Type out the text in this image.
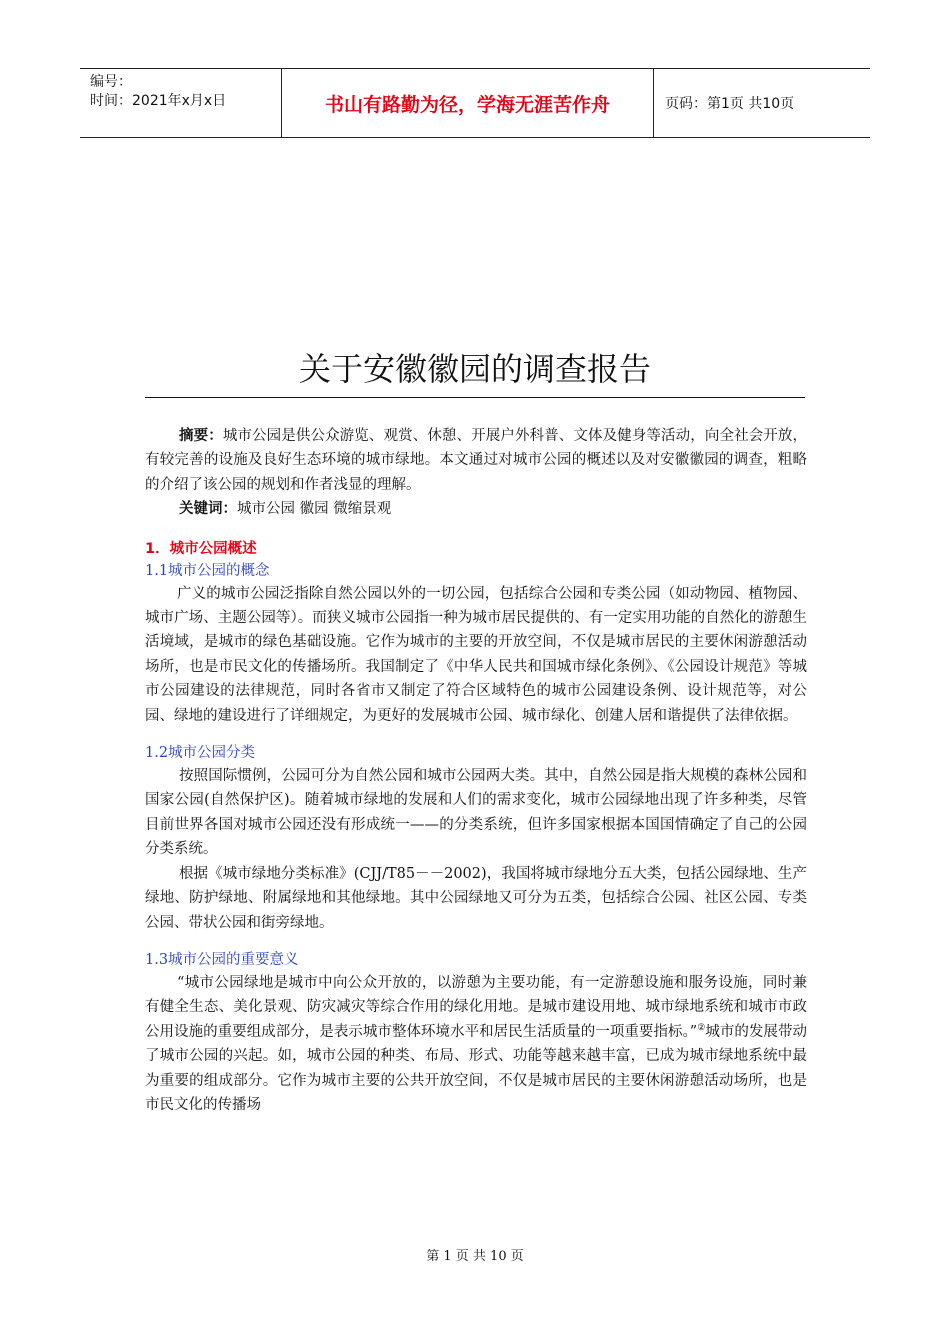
编号：
时间：2021年x月x日	书山有路勤为径，学海无涯苦作舟	页码：第1页 共10页
关于安徽徽园的调查报告

摘要：城市公园是供公众游览、观赏、休憩、开展户外科普、文体及健身等活动，向全社会开放，有较完善的设施及良好生态环境的城市绿地。本文通过对城市公园的概述以及对安徽徽园的调查，粗略的介绍了该公园的规划和作者浅显的理解。

关键词：城市公园 徽园 微缩景观

1．城市公园概述

1.1城市公园的概念

广义的城市公园泛指除自然公园以外的一切公园，包括综合公园和专类公园（如动物园、植物园、城市广场、主题公园等）。而狭义城市公园指一种为城市居民提供的、有一定实用功能的自然化的游憩生活境域，是城市的绿色基础设施。它作为城市的主要的开放空间，不仅是城市居民的主要休闲游憩活动场所，也是市民文化的传播场所。我国制定了《中华人民共和国城市绿化条例》、《公园设计规范》等城市公园建设的法律规范，同时各省市又制定了符合区域特色的城市公园建设条例、设计规范等，对公园、绿地的建设进行了详细规定，为更好的发展城市公园、城市绿化、创建人居和谐提供了法律依据。

1.2城市公园分类

按照国际惯例，公园可分为自然公园和城市公园两大类。其中，自然公园是指大规模的森林公园和国家公园(自然保护区)。随着城市绿地的发展和人们的需求变化，城市公园绿地出现了许多种类，尽管目前世界各国对城市公园还没有形成统一——的分类系统，但许多国家根据本国国情确定了自己的公园分类系统。

根据《城市绿地分类标准》(CJJ/T85－－2002)，我国将城市绿地分五大类，包括公园绿地、生产绿地、防护绿地、附属绿地和其他绿地。其中公园绿地又可分为五类，包括综合公园、社区公园、专类公园、带状公园和街旁绿地。

1.3城市公园的重要意义

“城市公园绿地是城市中向公众开放的，以游憩为主要功能，有一定游憩设施和服务设施，同时兼有健全生态、美化景观、防灾减灾等综合作用的绿化用地。是城市建设用地、城市绿地系统和城市市政公用设施的重要组成部分，是表示城市整体环境水平和居民生活质量的一项重要指标。”②城市的发展带动了城市公园的兴起。如，城市公园的种类、布局、形式、功能等越来越丰富，已成为城市绿地系统中最为重要的组成部分。它作为城市主要的公共开放空间，不仅是城市居民的主要休闲游憩活动场所，也是市民文化的传播场

第 1 页 共 10 页
